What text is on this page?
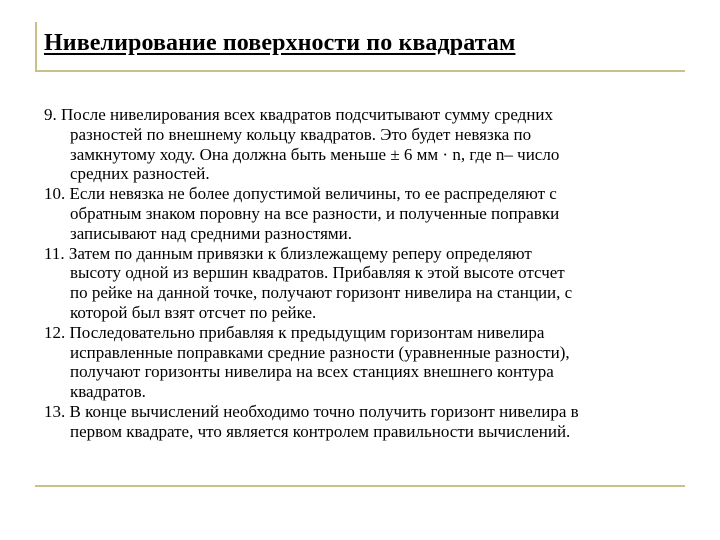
Нивелирование поверхности по квадратам
9. После нивелирования всех квадратов подсчитывают сумму средних
разностей по внешнему кольцу квадратов. Это будет невязка по
замкнутому ходу. Она должна быть меньше ± 6 мм · n, где n– число
средних разностей.
10. Если невязка не более допустимой величины, то ее распределяют с
обратным знаком поровну на все разности, и полученные поправки
записывают над средними разностями.
11. Затем по данным привязки к близлежащему реперу определяют
высоту одной из вершин квадратов. Прибавляя к этой высоте отсчет
по рейке на данной точке, получают горизонт нивелира на станции, с
которой был взят отсчет по рейке.
12. Последовательно прибавляя к предыдущим горизонтам нивелира
исправленные поправками средние разности (уравненные разности),
получают горизонты нивелира на всех станциях внешнего контура
квадратов.
13. В конце вычислений необходимо точно получить горизонт нивелира в
первом квадрате, что является контролем правильности вычислений.
